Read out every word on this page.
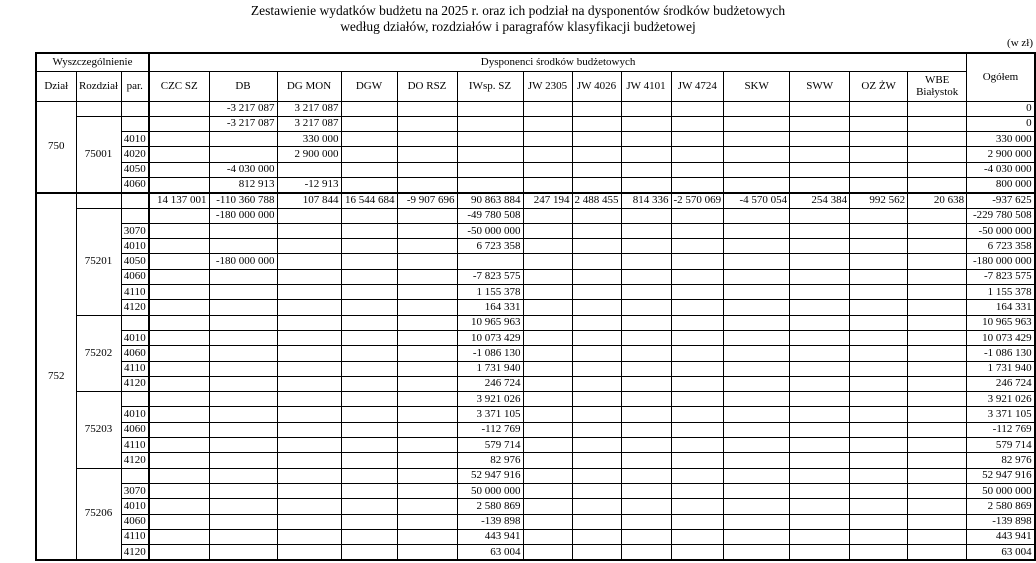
Zestawienie wydatków budżetu na 2025 r. oraz ich podział na dysponentów środków budżetowych
według działów, rozdziałów i paragrafów klasyfikacji budżetowej
(w zł)
Wyszczególnienie			Dysponenci środków budżetowych														Ogółem
Dział	Rozdział	par.	CZC SZ	DB	DG MON	DGW	DO RSZ	IWsp. SZ	JW 2305	JW 4026	JW 4101	JW 4724	SKW	SWW	OZ ŻW	WBE Białystok	
750				-3 217 087	3 217 087												0
	75001			-3 217 087	3 217 087												0
		4010			330 000												330 000
		4020			2 900 000												2 900 000
		4050		-4 030 000													-4 030 000
		4060		812 913	-12 913												800 000
752			14 137 001	-110 360 788	107 844	16 544 684	-9 907 696	90 863 884	247 194	2 488 455	814 336	-2 570 069	-4 570 054	254 384	992 562	20 638	-937 625
	75201			-180 000 000				-49 780 508									-229 780 508
		3070						-50 000 000									-50 000 000
		4010						6 723 358									6 723 358
		4050		-180 000 000													-180 000 000
		4060						-7 823 575									-7 823 575
		4110						1 155 378									1 155 378
		4120						164 331									164 331
	75202							10 965 963									10 965 963
		4010						10 073 429									10 073 429
		4060						-1 086 130									-1 086 130
		4110						1 731 940									1 731 940
		4120						246 724									246 724
	75203							3 921 026									3 921 026
		4010						3 371 105									3 371 105
		4060						-112 769									-112 769
		4110						579 714									579 714
		4120						82 976									82 976
	75206							52 947 916									52 947 916
		3070						50 000 000									50 000 000
		4010						2 580 869									2 580 869
		4060						-139 898									-139 898
		4110						443 941									443 941
		4120						63 004									63 004
